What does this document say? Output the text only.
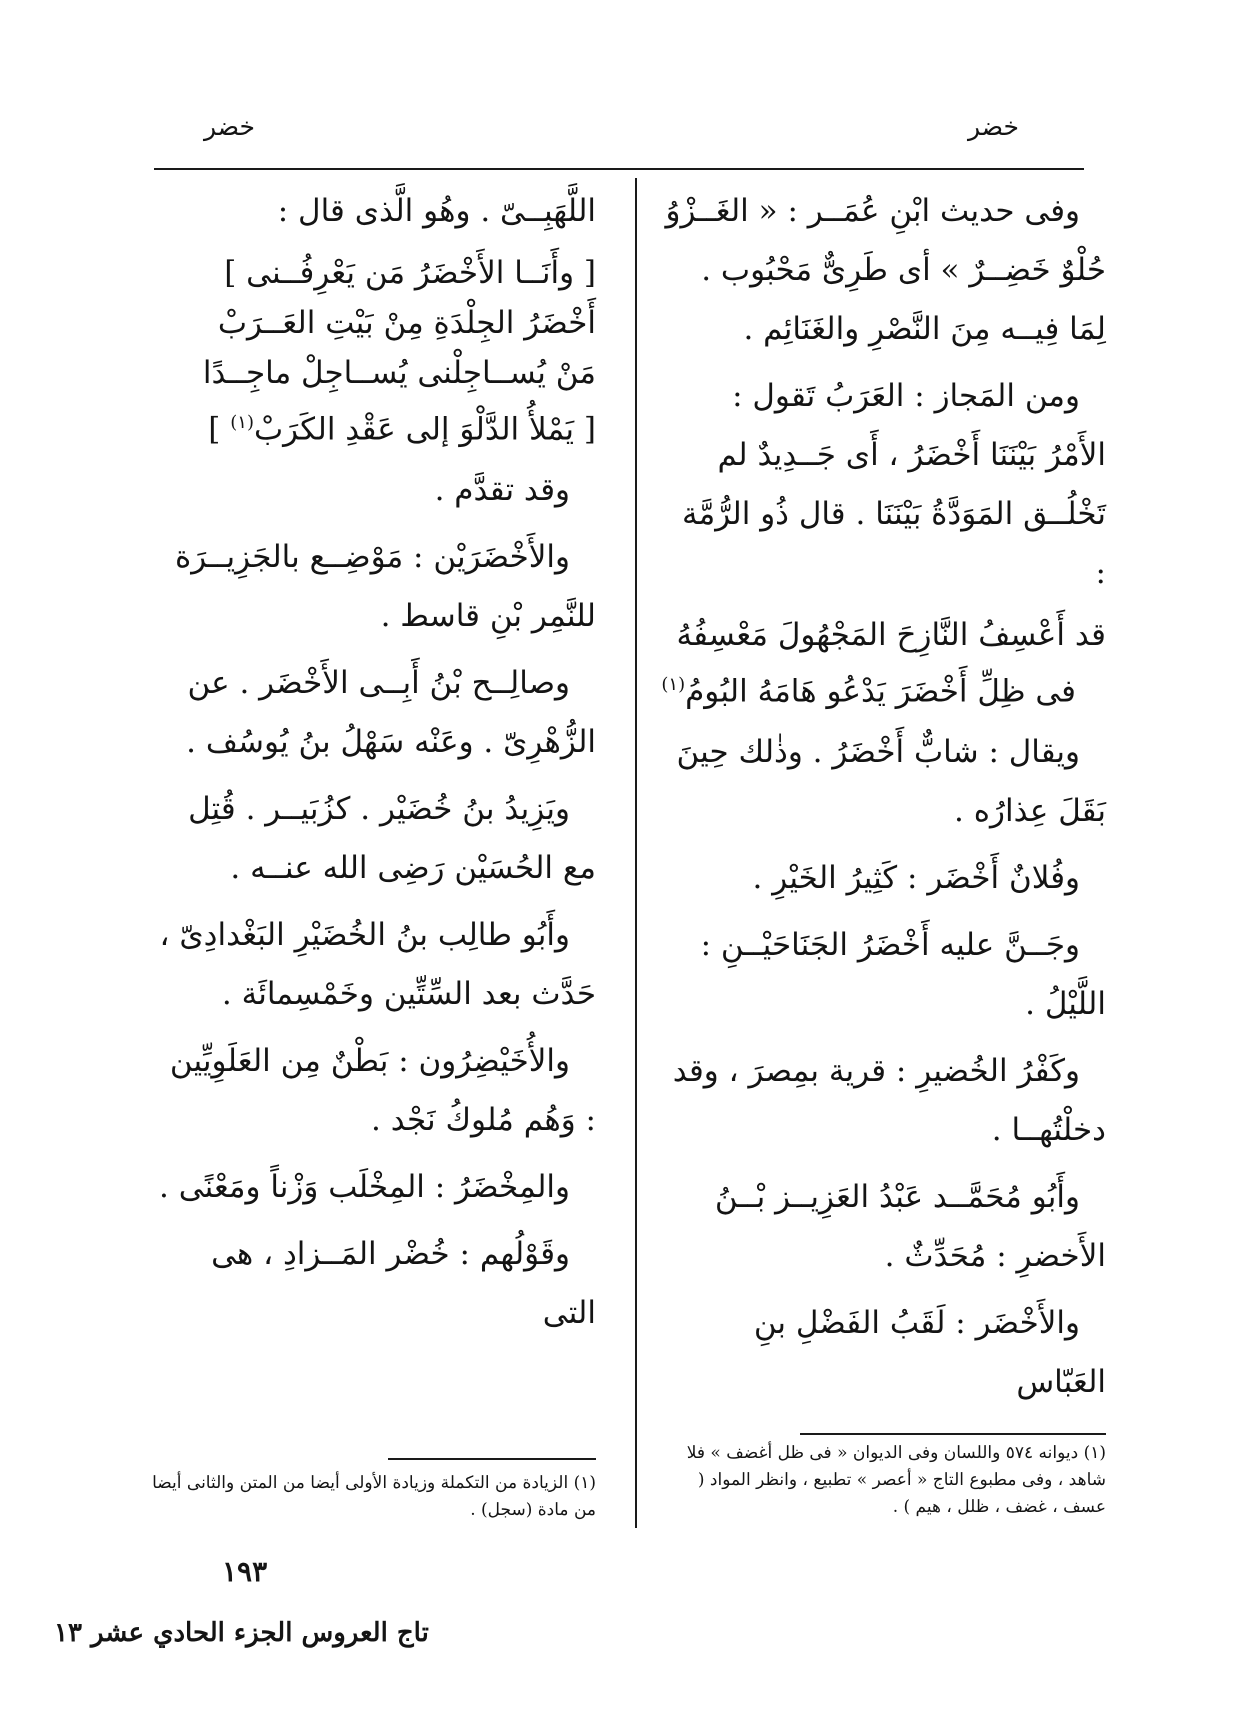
خضر
خضر

وفى حديث ابْنِ عُمَــر : « الغَــزْوُ حُلْوٌ خَضِــرٌ » أى طَرِىٌّ مَحْبُوب . لِمَا فِيــه مِنَ النَّصْرِ والغَنَائِم .

ومن المَجاز : العَرَبُ تَقول : الأَمْرُ بَيْنَنَا أَخْضَرُ ، أَى جَــدِيدٌ لم تَخْلُــق المَوَدَّةُ بَيْنَنَا . قال ذُو الرُّمَّة :

قد أَعْسِفُ النَّازِحَ المَجْهُولَ مَعْسِفُهُ
فى ظِلِّ أَخْضَرَ يَدْعُو هَامَهُ البُومُ$^{(١)}$

ويقال : شابٌّ أَخْضَرُ . وذٰلك حِينَ بَقَلَ عِذارُه .

وفُلانٌ أَخْضَر : كَثِيرُ الخَيْرِ .

وجَــنَّ عليه أَخْضَرُ الجَنَاحَيْــنِ : اللَّيْلُ .

وكَفْرُ الخُضيرِ : قرية بمِصرَ ، وقد دخلْتُهــا .

وأَبُو مُحَمَّــد عَبْدُ العَزِيــز بْــنُ الأَخضرِ : مُحَدِّثٌ .

والأَخْضَر : لَقَبُ الفَضْلِ بنِ العَبّاس

اللَّهَبِــىّ . وهُو الَّذى قال :

[ وأَنَــا الأَخْضَرُ مَن يَعْرِفُــنى ]
أَخْضَرُ الجِلْدَةِ مِنْ بَيْتِ العَــرَبْ
مَنْ يُســاجِلْنى يُســاجِلْ ماجِــدًا
[ يَمْلأُ الدَّلْوَ إلى عَقْدِ الكَرَبْ$^{(١)}$ ]

وقد تقدَّم .

والأَخْضَرَيْن : مَوْضِــع بالجَزِيــرَة للنَّمِر بْنِ قاسط .

وصالِــح بْنُ أَبِــى الأَخْضَر . عن الزُّهْرِىّ . وعَنْه سَهْلُ بنُ يُوسُف .

ويَزِيدُ بنُ خُضَيْر . كزُبَيــر . قُتِل مع الحُسَيْن رَضِى الله عنــه .

وأَبُو طالِب بنُ الخُضَيْرِ البَغْدادِىّ ، حَدَّث بعد السِّتِّين وخَمْسِمائَة .

والأُخَيْضِرُون : بَطْنٌ مِن العَلَوِيِّين : وَهُم مُلوكُ نَجْد .

والمِخْضَرُ : المِخْلَب وَزْناً ومَعْنًى .

وقَوْلُهم : خُضْر المَــزادِ ، هى التى

(١) ديوانه ٥٧٤ واللسان وفى الديوان « فى ظل أغضف » فلا شاهد ، وفى مطبوع التاج « أعصر » تطبيع ، وانظر المواد ( عسف ، غضف ، ظلل ، هيم ) .
(١) الزيادة من التكملة وزيادة الأولى أيضا من المتن والثانى أيضا من مادة (سجل) .
١٩٣
تاج العروس الجزء الحادي عشر ١٣
